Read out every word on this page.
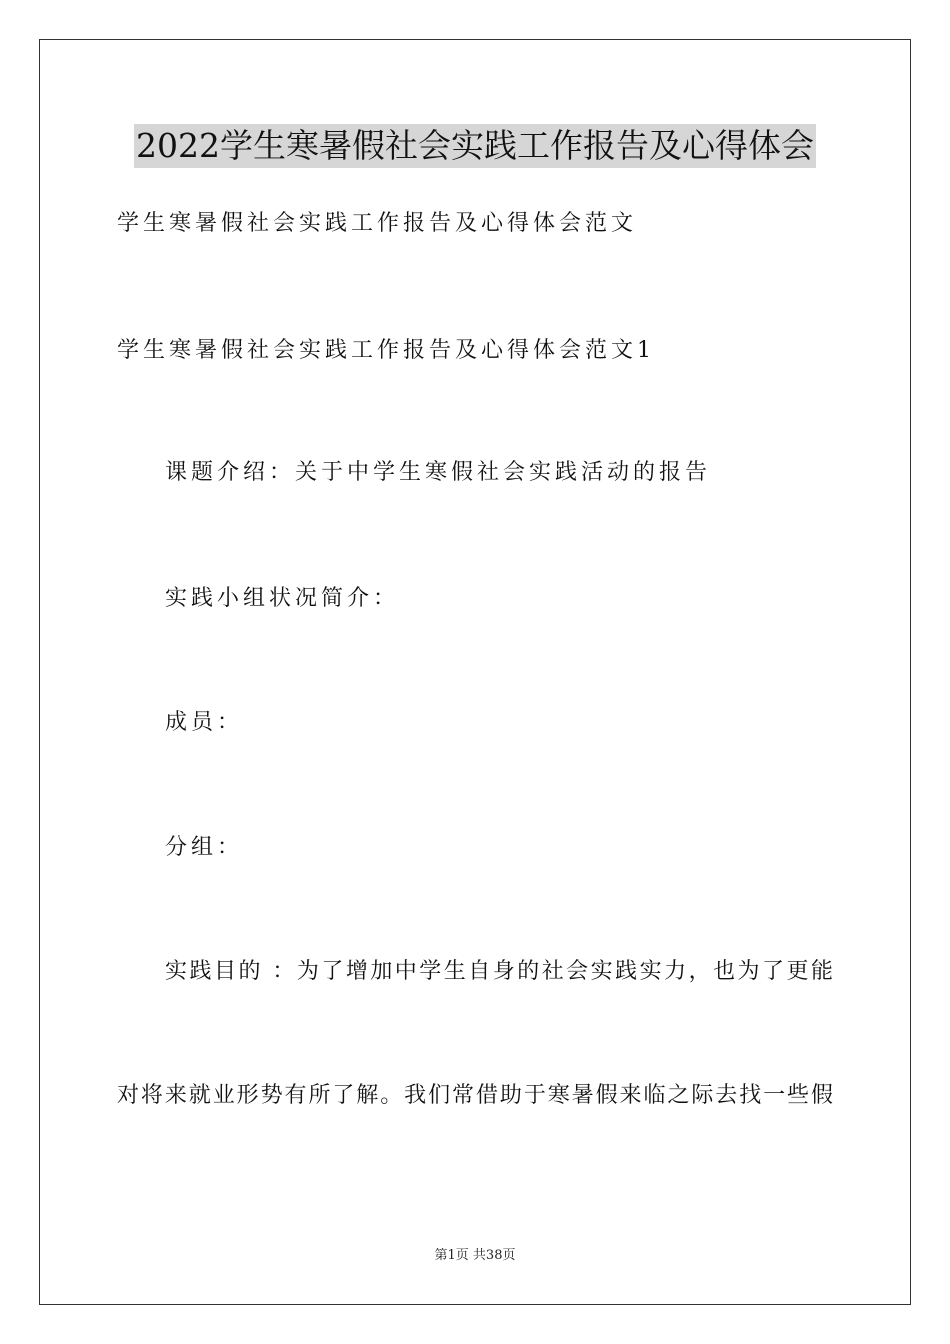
2022学生寒暑假社会实践工作报告及心得体会
学生寒暑假社会实践工作报告及心得体会范文
学生寒暑假社会实践工作报告及心得体会范文1
课题介绍：关于中学生寒假社会实践活动的报告
实践小组状况简介：
成员：
分组：
实践目的 ：为了增加中学生自身的社会实践实力，也为了更能
对将来就业形势有所了解。我们常借助于寒暑假来临之际去找一些假
第1页 共38页
